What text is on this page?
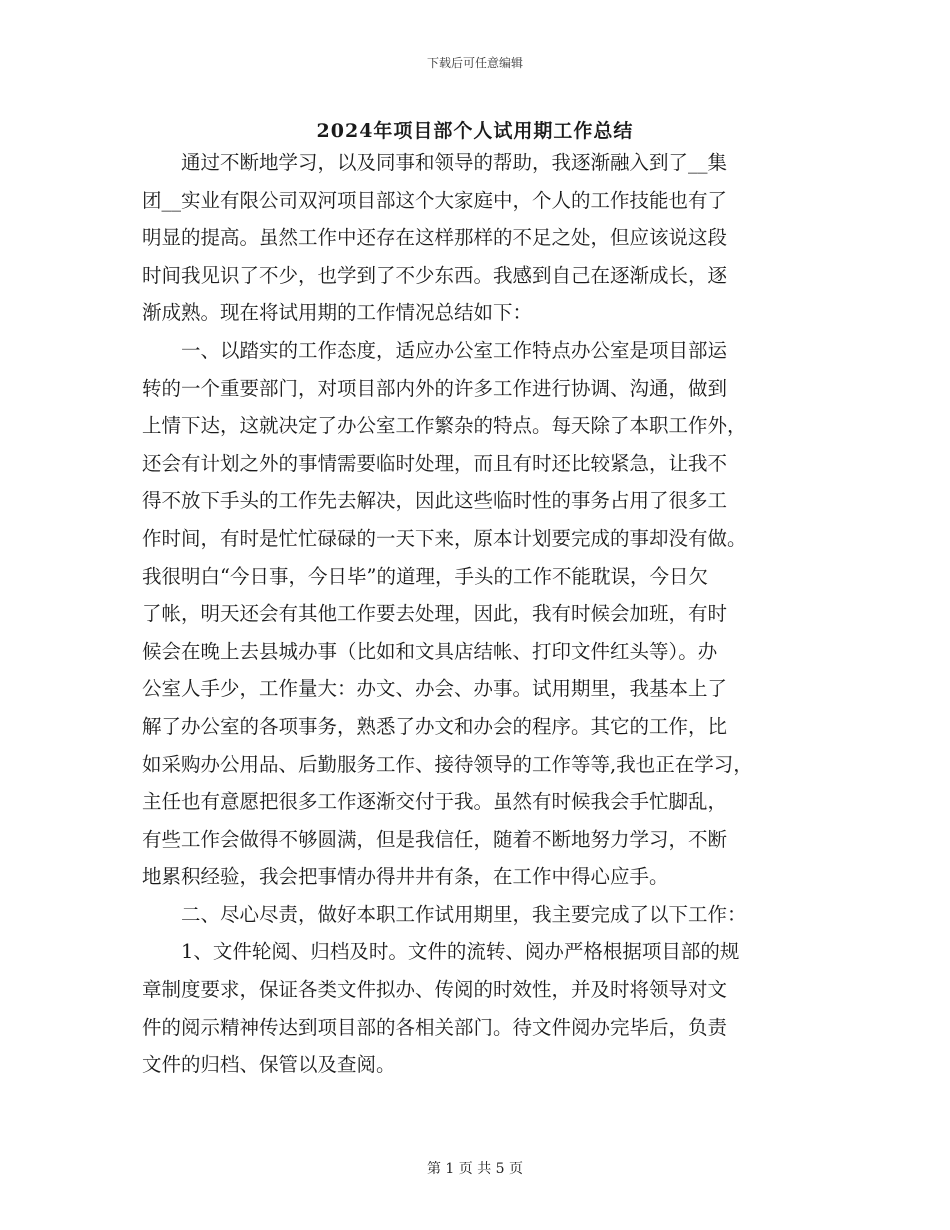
下载后可任意编辑
2024年项目部个人试用期工作总结
　　通过不断地学习，以及同事和领导的帮助，我逐渐融入到了__集
团__实业有限公司双河项目部这个大家庭中，个人的工作技能也有了
明显的提高。虽然工作中还存在这样那样的不足之处，但应该说这段
时间我见识了不少，也学到了不少东西。我感到自己在逐渐成长，逐
渐成熟。现在将试用期的工作情况总结如下：
　　一、以踏实的工作态度，适应办公室工作特点办公室是项目部运
转的一个重要部门，对项目部内外的许多工作进行协调、沟通，做到
上情下达，这就决定了办公室工作繁杂的特点。每天除了本职工作外，
还会有计划之外的事情需要临时处理，而且有时还比较紧急，让我不
得不放下手头的工作先去解决，因此这些临时性的事务占用了很多工
作时间，有时是忙忙碌碌的一天下来，原本计划要完成的事却没有做。
我很明白“今日事，今日毕”的道理，手头的工作不能耽误，今日欠
了帐，明天还会有其他工作要去处理，因此，我有时候会加班，有时
候会在晚上去县城办事（比如和文具店结帐、打印文件红头等）。办
公室人手少，工作量大：办文、办会、办事。试用期里，我基本上了
解了办公室的各项事务，熟悉了办文和办会的程序。其它的工作，比
如采购办公用品、后勤服务工作、接待领导的工作等等,我也正在学习，
主任也有意愿把很多工作逐渐交付于我。虽然有时候我会手忙脚乱，
有些工作会做得不够圆满，但是我信任，随着不断地努力学习，不断
地累积经验，我会把事情办得井井有条，在工作中得心应手。
　　二、尽心尽责，做好本职工作试用期里，我主要完成了以下工作：
　　1、文件轮阅、归档及时。文件的流转、阅办严格根据项目部的规
章制度要求，保证各类文件拟办、传阅的时效性，并及时将领导对文
件的阅示精神传达到项目部的各相关部门。待文件阅办完毕后，负责
文件的归档、保管以及查阅。
第 1 页 共 5 页
